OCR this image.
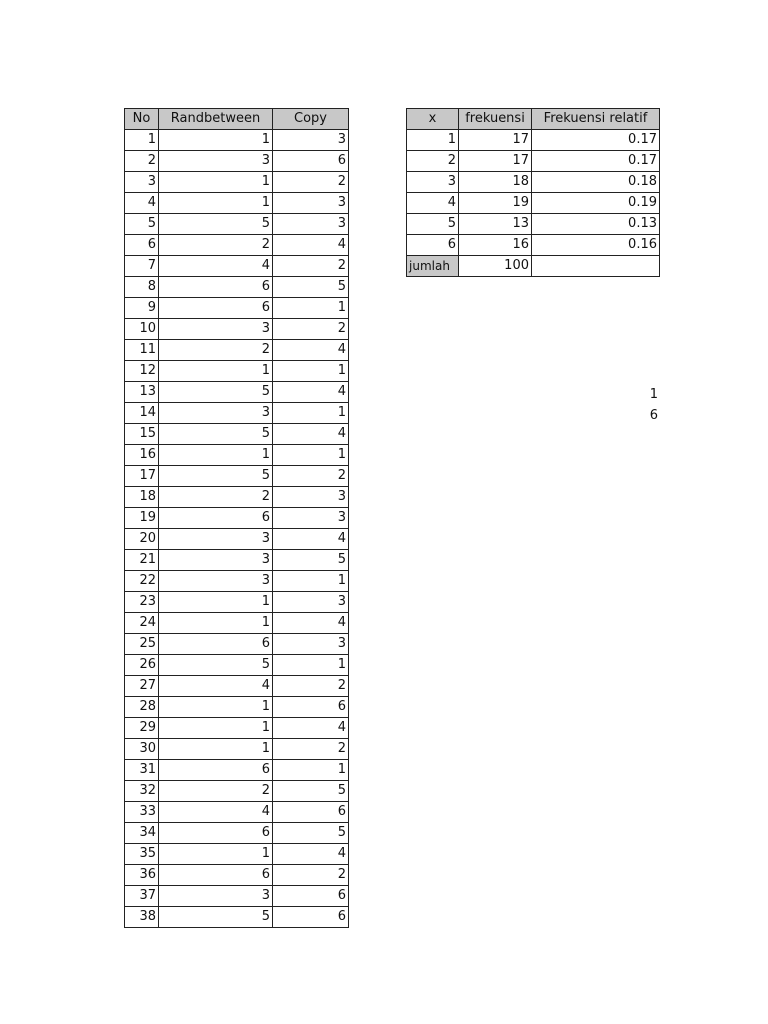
No	Randbetween	Copy
1	1	3
2	3	6
3	1	2
4	1	3
5	5	3
6	2	4
7	4	2
8	6	5
9	6	1
10	3	2
11	2	4
12	1	1
13	5	4
14	3	1
15	5	4
16	1	1
17	5	2
18	2	3
19	6	3
20	3	4
21	3	5
22	3	1
23	1	3
24	1	4
25	6	3
26	5	1
27	4	2
28	1	6
29	1	4
30	1	2
31	6	1
32	2	5
33	4	6
34	6	5
35	1	4
36	6	2
37	3	6
38	5	6
x	frekuensi	Frekuensi relatif
1	17	0.17
2	17	0.17
3	18	0.18
4	19	0.19
5	13	0.13
6	16	0.16
jumlah	100	
1
6
